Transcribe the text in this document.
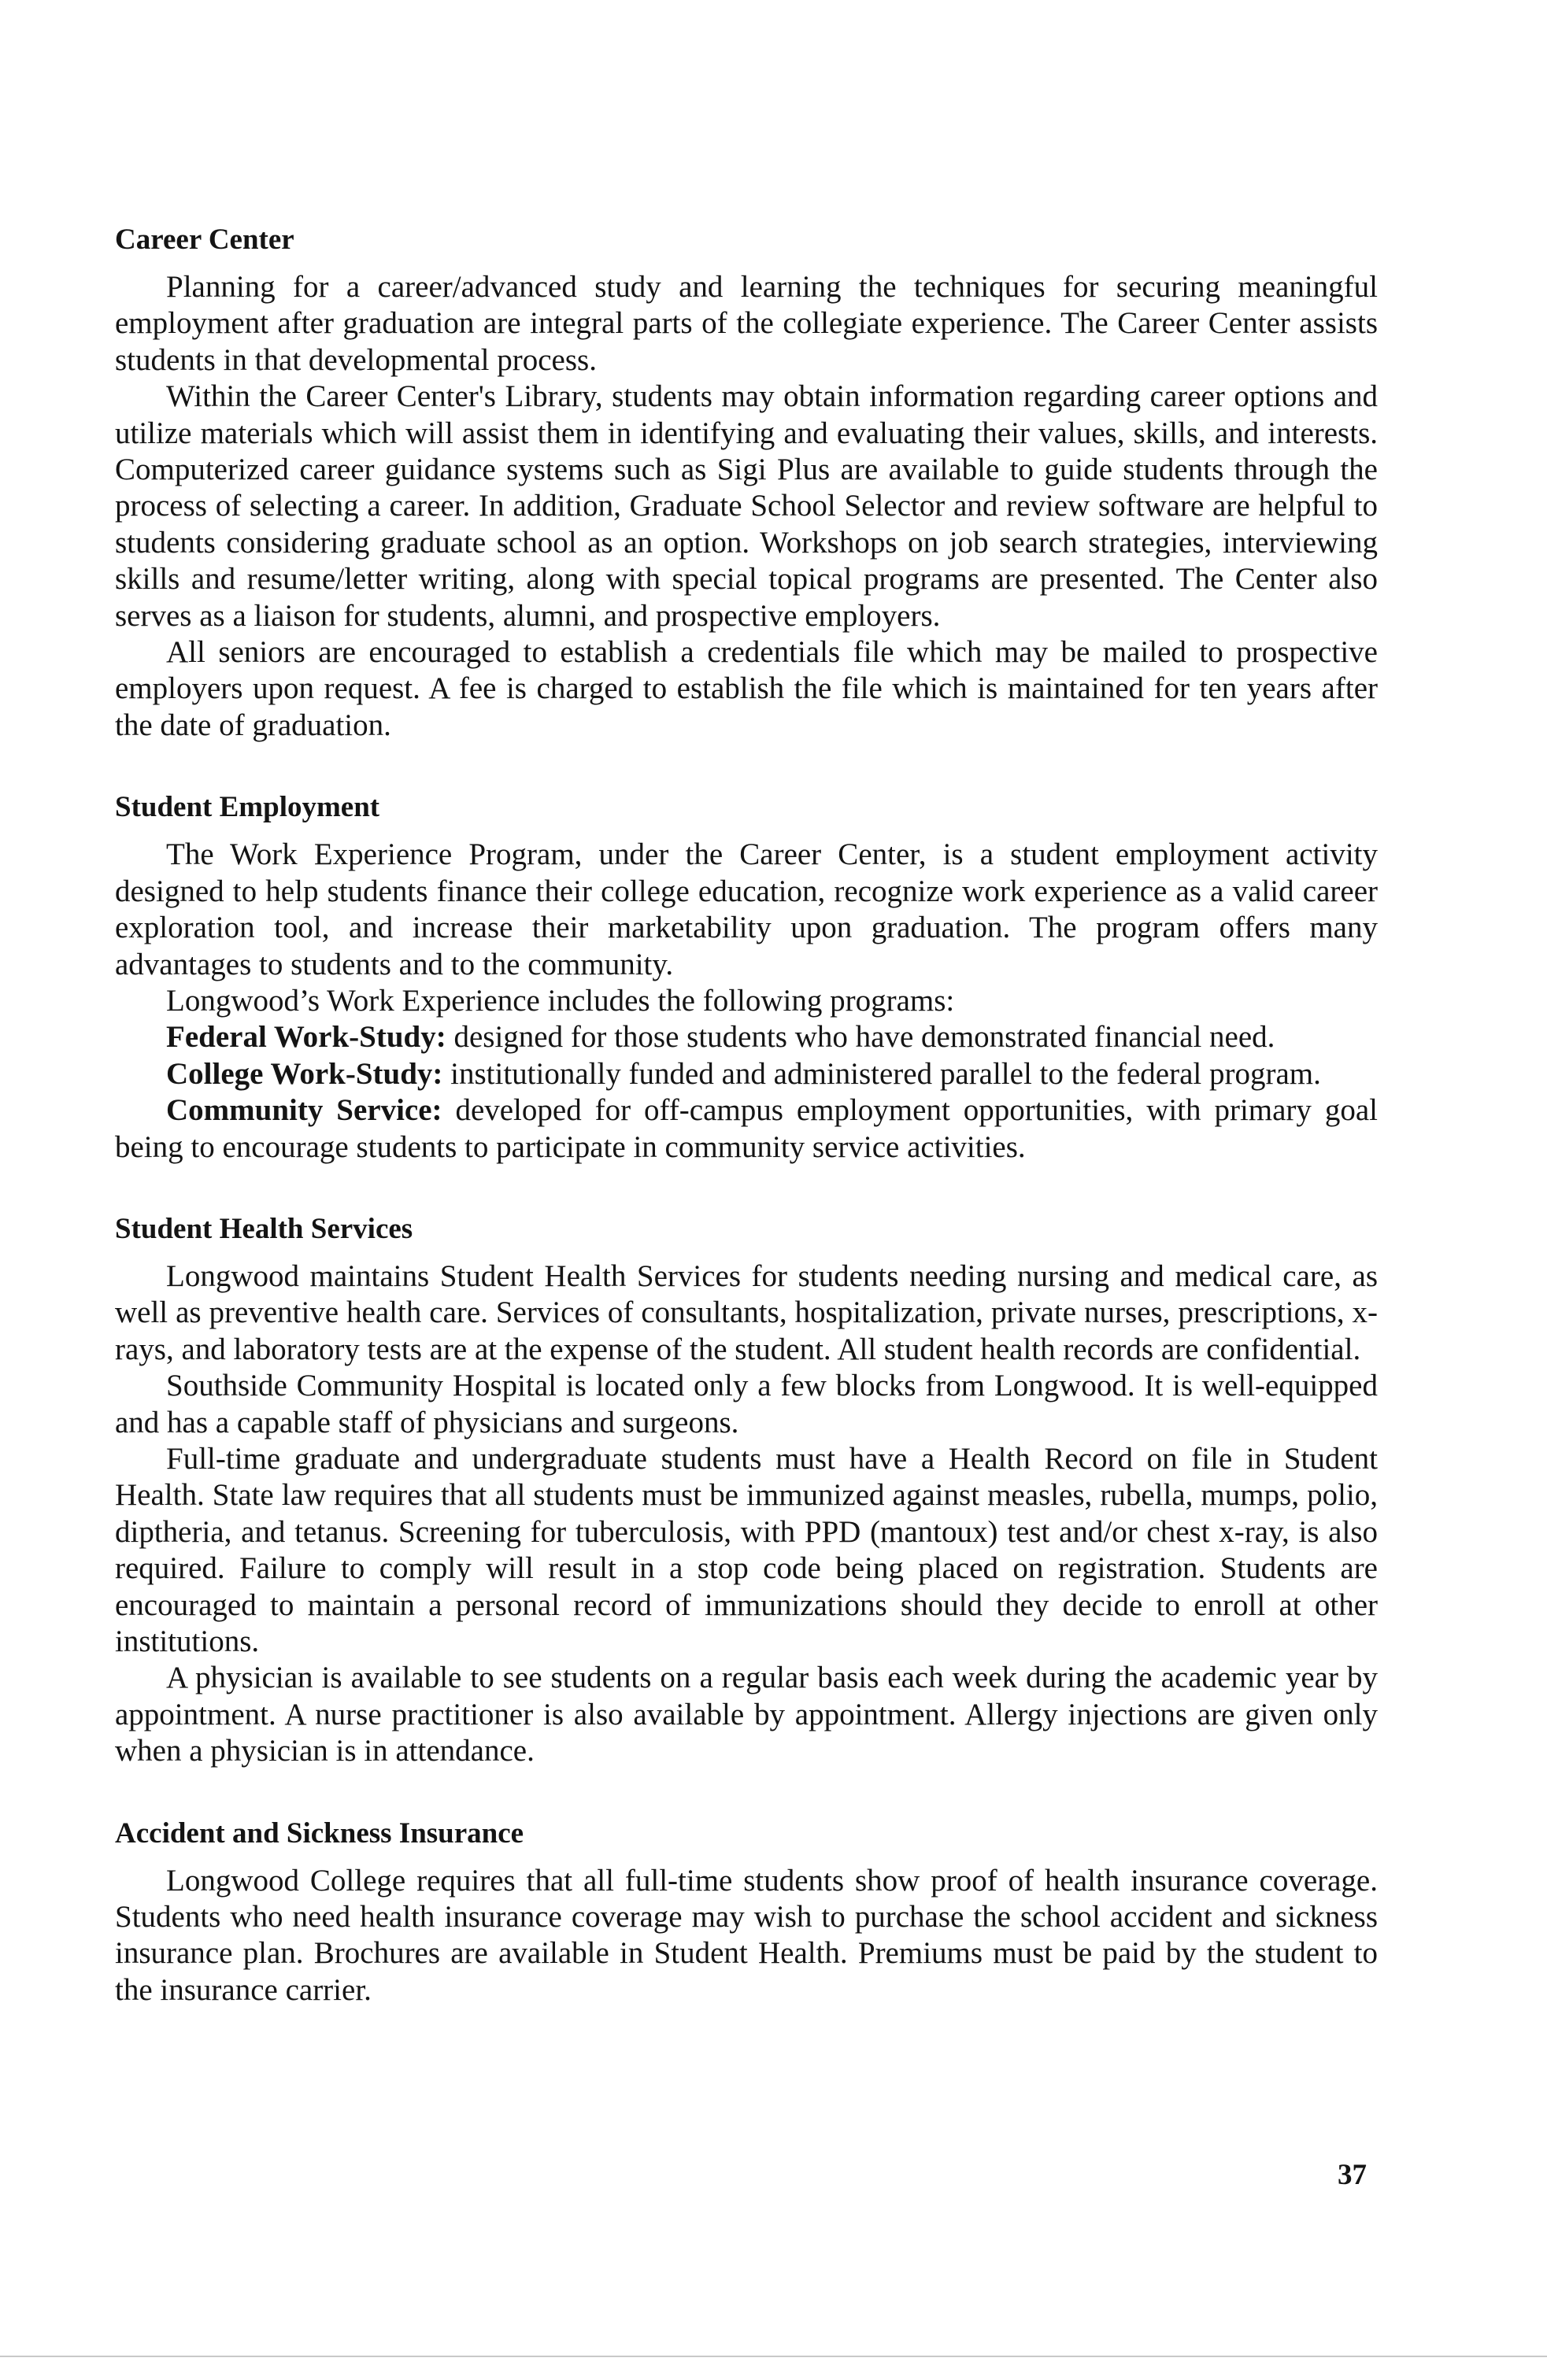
Career Center

Planning for a career/advanced study and learning the techniques for securing meaningful employment after graduation are integral parts of the collegiate experience. The Career Center assists students in that developmental process.

Within the Career Center's Library, students may obtain information regarding career options and utilize materials which will assist them in identifying and evaluating their values, skills, and interests. Computerized career guidance systems such as Sigi Plus are available to guide students through the process of selecting a career. In addition, Graduate School Selector and review software are helpful to students considering graduate school as an option. Workshops on job search strategies, interviewing skills and resume/letter writing, along with special topical programs are presented. The Center also serves as a liaison for students, alumni, and prospective employers.

All seniors are encouraged to establish a credentials file which may be mailed to prospective employers upon request. A fee is charged to establish the file which is maintained for ten years after the date of graduation.

Student Employment

The Work Experience Program, under the Career Center, is a student employment activity designed to help students finance their college education, recognize work experience as a valid career exploration tool, and increase their marketability upon graduation. The program offers many advantages to students and to the community.

Longwood’s Work Experience includes the following programs:

Federal Work-Study: designed for those students who have demonstrated financial need.

College Work-Study: institutionally funded and administered parallel to the federal program.

Community Service: developed for off-campus employment opportunities, with primary goal being to encourage students to participate in community service activities.

Student Health Services

Longwood maintains Student Health Services for students needing nursing and medical care, as well as preventive health care. Services of consultants, hospitalization, private nurses, prescriptions, x-rays, and laboratory tests are at the expense of the student. All student health records are confidential.

Southside Community Hospital is located only a few blocks from Longwood. It is well-equipped and has a capable staff of physicians and surgeons.

Full-time graduate and undergraduate students must have a Health Record on file in Student Health. State law requires that all students must be immunized against measles, rubella, mumps, polio, diptheria, and tetanus. Screening for tuberculosis, with PPD (mantoux) test and/or chest x-ray, is also required. Failure to comply will result in a stop code being placed on registration. Students are encouraged to maintain a personal record of immunizations should they decide to enroll at other institutions.

A physician is available to see students on a regular basis each week during the academic year by appointment. A nurse practitioner is also available by appointment. Allergy injections are given only when a physician is in attendance.

Accident and Sickness Insurance

Longwood College requires that all full-time students show proof of health insurance coverage. Students who need health insurance coverage may wish to purchase the school accident and sickness insurance plan. Brochures are available in Student Health. Premiums must be paid by the student to the insurance carrier.

37
